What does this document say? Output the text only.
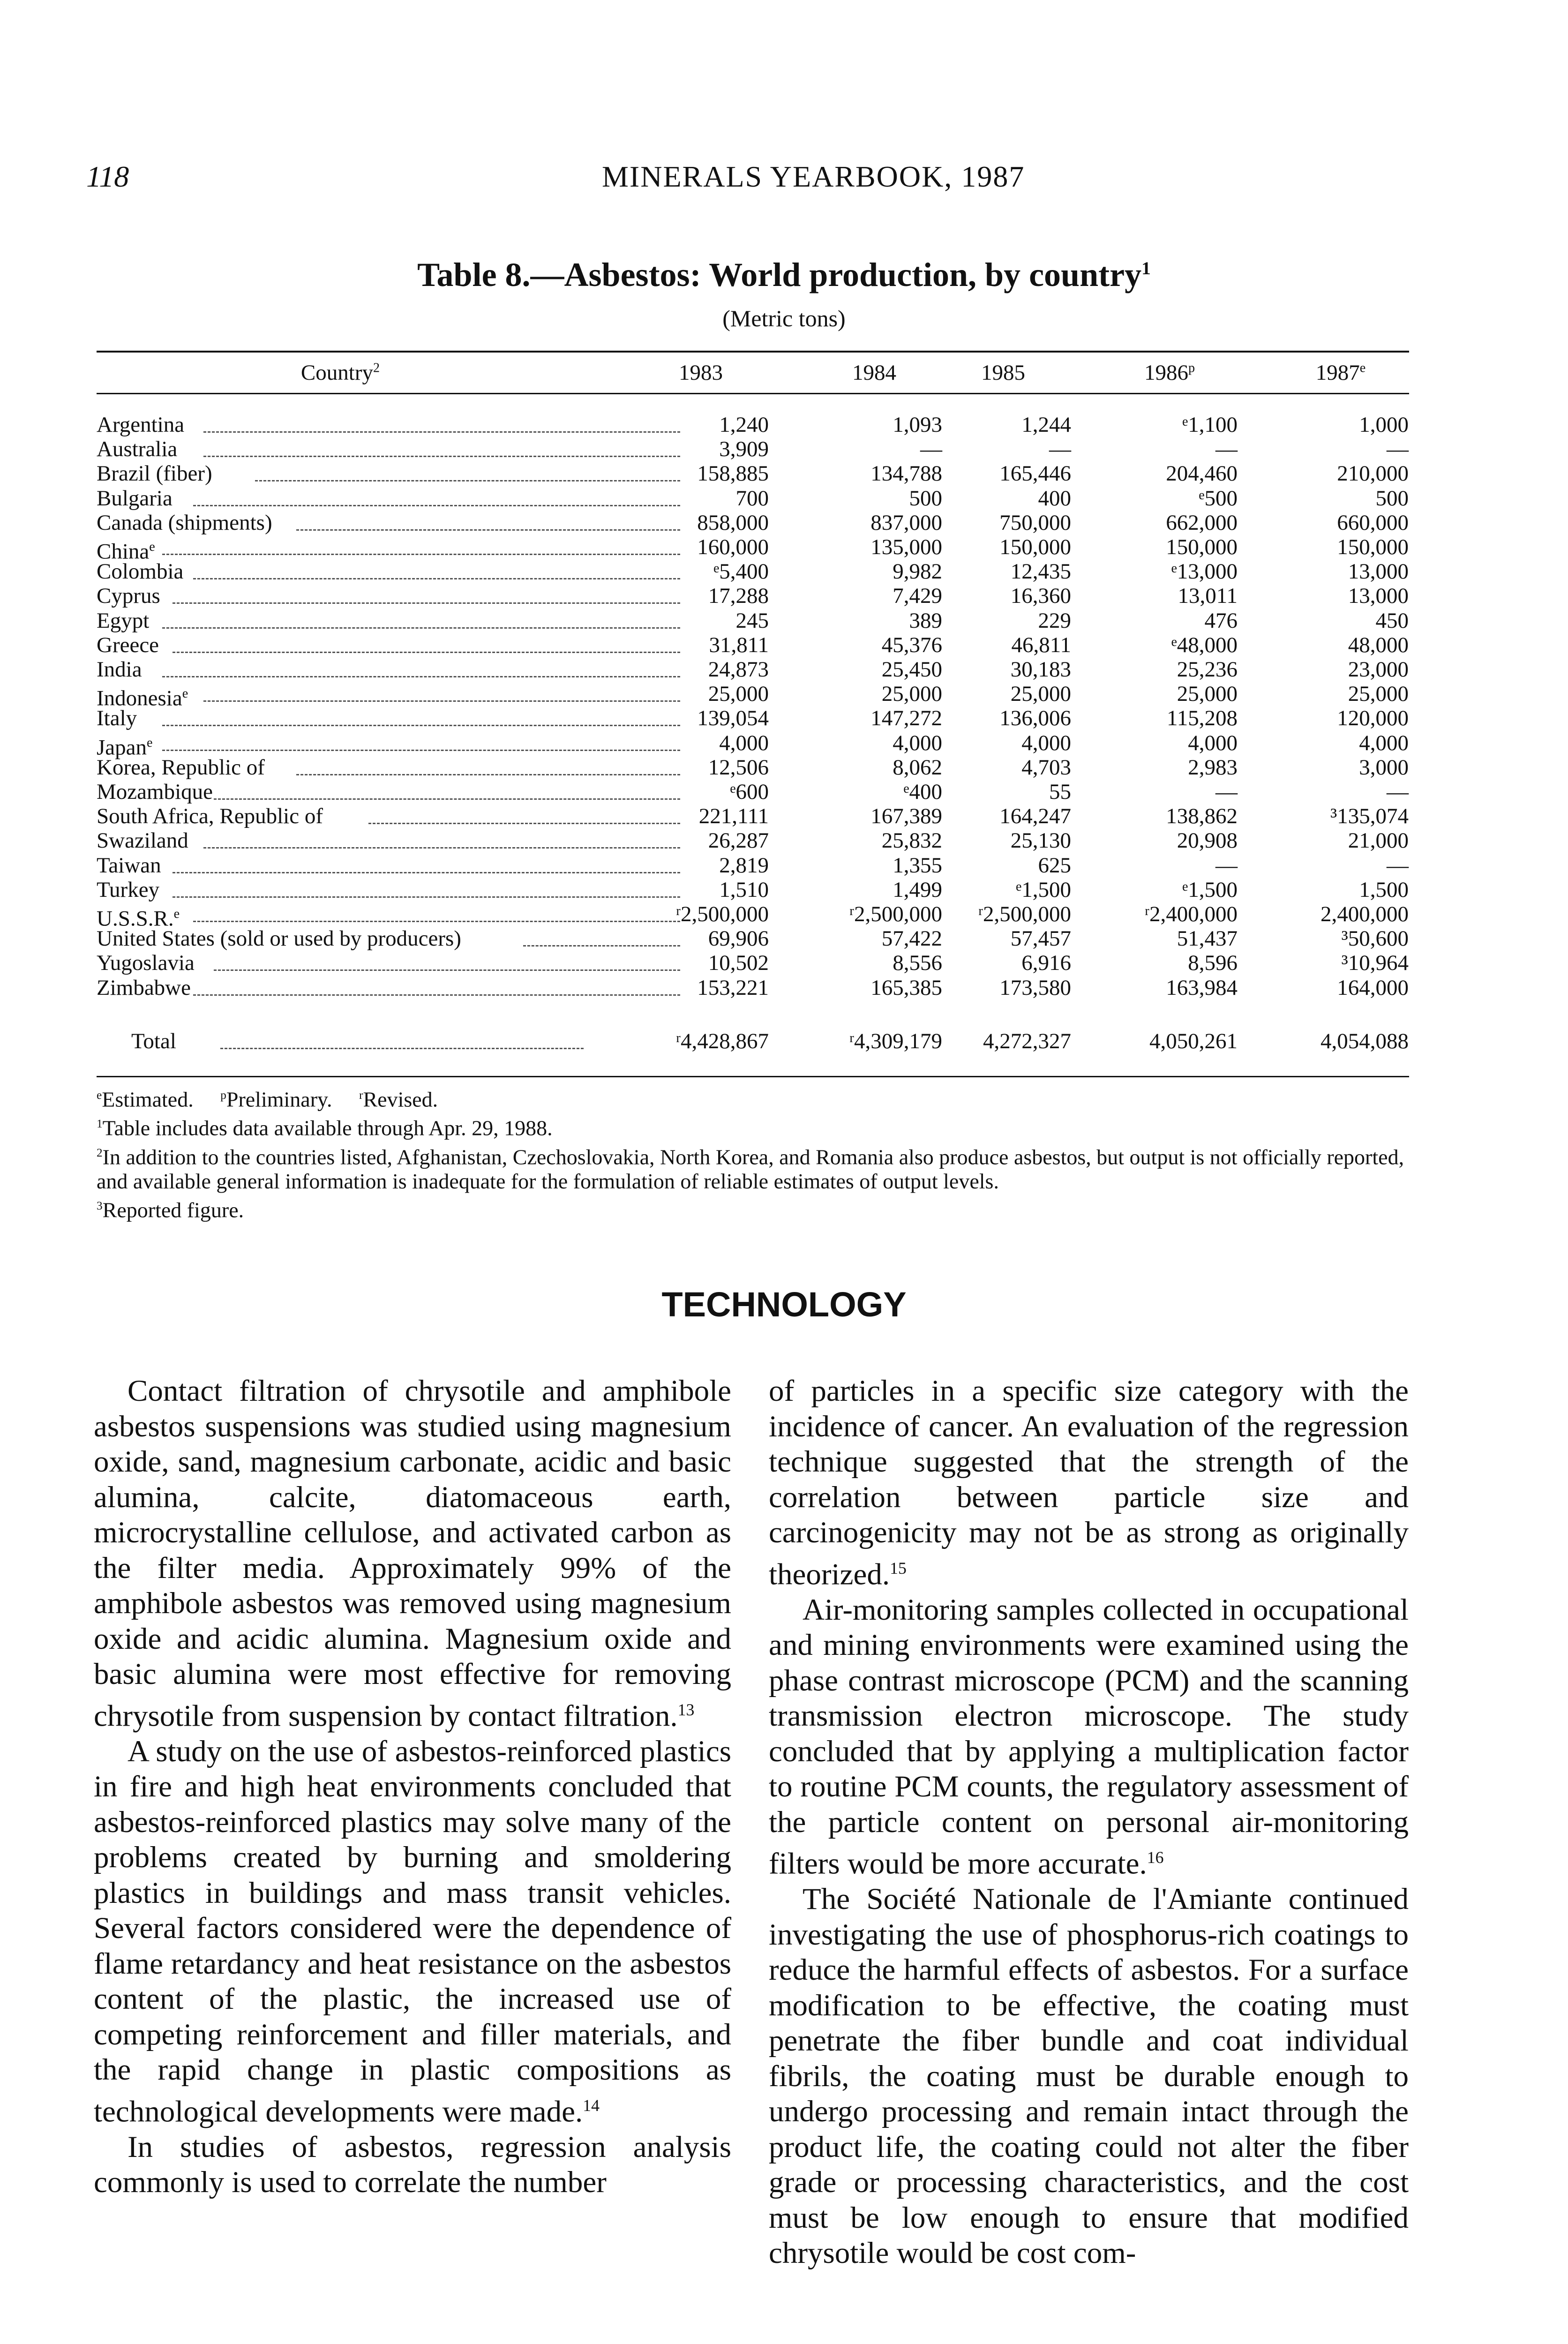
118	MINERALS YEARBOOK, 1987
Table 8.—Asbestos: World production, by country$^1$
(Metric tons)
Country$^2$	1983	1984	1985	1986$^p$	1987e
Argentina	1,240	1,093	1,244	ᵉ1,100	1,000
Australia	3,909	—	—	—	—
Brazil (fiber)	158,885	134,788	165,446	204,460	210,000
Bulgaria	700	500	400	ᵉ500	500
Canada (shipments)	858,000	837,000	750,000	662,000	660,000
China$^e$	160,000	135,000	150,000	150,000	150,000
Colombia	ᵉ5,400	9,982	12,435	ᵉ13,000	13,000
Cyprus	17,288	7,429	16,360	13,011	13,000
Egypt	245	389	229	476	450
Greece	31,811	45,376	46,811	ᵉ48,000	48,000
India	24,873	25,450	30,183	25,236	23,000
Indonesia$^e$	25,000	25,000	25,000	25,000	25,000
Italy	139,054	147,272	136,006	115,208	120,000
Japan$^e$	4,000	4,000	4,000	4,000	4,000
Korea, Republic of	12,506	8,062	4,703	2,983	3,000
Mozambique	ᵉ600	ᵉ400	55	—	—
South Africa, Republic of	221,111	167,389	164,247	138,862	³135,074
Swaziland	26,287	25,832	25,130	20,908	21,000
Taiwan	2,819	1,355	625	—	—
Turkey	1,510	1,499	ᵉ1,500	ᵉ1,500	1,500
U.S.S.R.$^e$	ʳ2,500,000	ʳ2,500,000	ʳ2,500,000	ʳ2,400,000	2,400,000
United States (sold or used by producers)	69,906	57,422	57,457	51,437	³50,600
Yugoslavia	10,502	8,556	6,916	8,596	³10,964
Zimbabwe	153,221	165,385	173,580	163,984	164,000
Total	ʳ4,428,867	ʳ4,309,179	4,272,327	4,050,261	4,054,088

$^e$Estimated.  $^p$Preliminary.  $^r$Revised.

$^1$Table includes data available through Apr. 29, 1988.

$^2$In addition to the countries listed, Afghanistan, Czechoslovakia, North Korea, and Romania also produce asbestos, but output is not officially reported, and available general information is inadequate for the formulation of reliable estimates of output levels.

$^3$Reported figure.

TECHNOLOGY

Contact filtration of chrysotile and amphibole asbestos suspensions was studied using magnesium oxide, sand, magnesium carbonate, acidic and basic alumina, calcite, diatomaceous earth, microcrystalline cellulose, and activated carbon as the filter media. Approximately 99% of the amphibole asbestos was removed using magnesium oxide and acidic alumina. Magnesium oxide and basic alumina were most effective for removing chrysotile from suspension by contact filtration.$^{13}$

A study on the use of asbestos-reinforced plastics in fire and high heat environments concluded that asbestos-reinforced plastics may solve many of the problems created by burning and smoldering plastics in buildings and mass transit vehicles. Several factors considered were the dependence of flame retardancy and heat resistance on the asbestos content of the plastic, the increased use of competing reinforcement and filler materials, and the rapid change in plastic compositions as technological developments were made.$^{14}$

In studies of asbestos, regression analysis commonly is used to correlate the number

of particles in a specific size category with the incidence of cancer. An evaluation of the regression technique suggested that the strength of the correlation between particle size and carcinogenicity may not be as strong as originally theorized.$^{15}$

Air-monitoring samples collected in occupational and mining environments were examined using the phase contrast microscope (PCM) and the scanning transmission electron microscope. The study concluded that by applying a multiplication factor to routine PCM counts, the regulatory assessment of the particle content on personal air-monitoring filters would be more accurate.$^{16}$

The Société Nationale de l'Amiante continued investigating the use of phosphorus-rich coatings to reduce the harmful effects of asbestos. For a surface modification to be effective, the coating must penetrate the fiber bundle and coat individual fibrils, the coating must be durable enough to undergo processing and remain intact through the product life, the coating could not alter the fiber grade or processing characteristics, and the cost must be low enough to ensure that modified chrysotile would be cost com-
